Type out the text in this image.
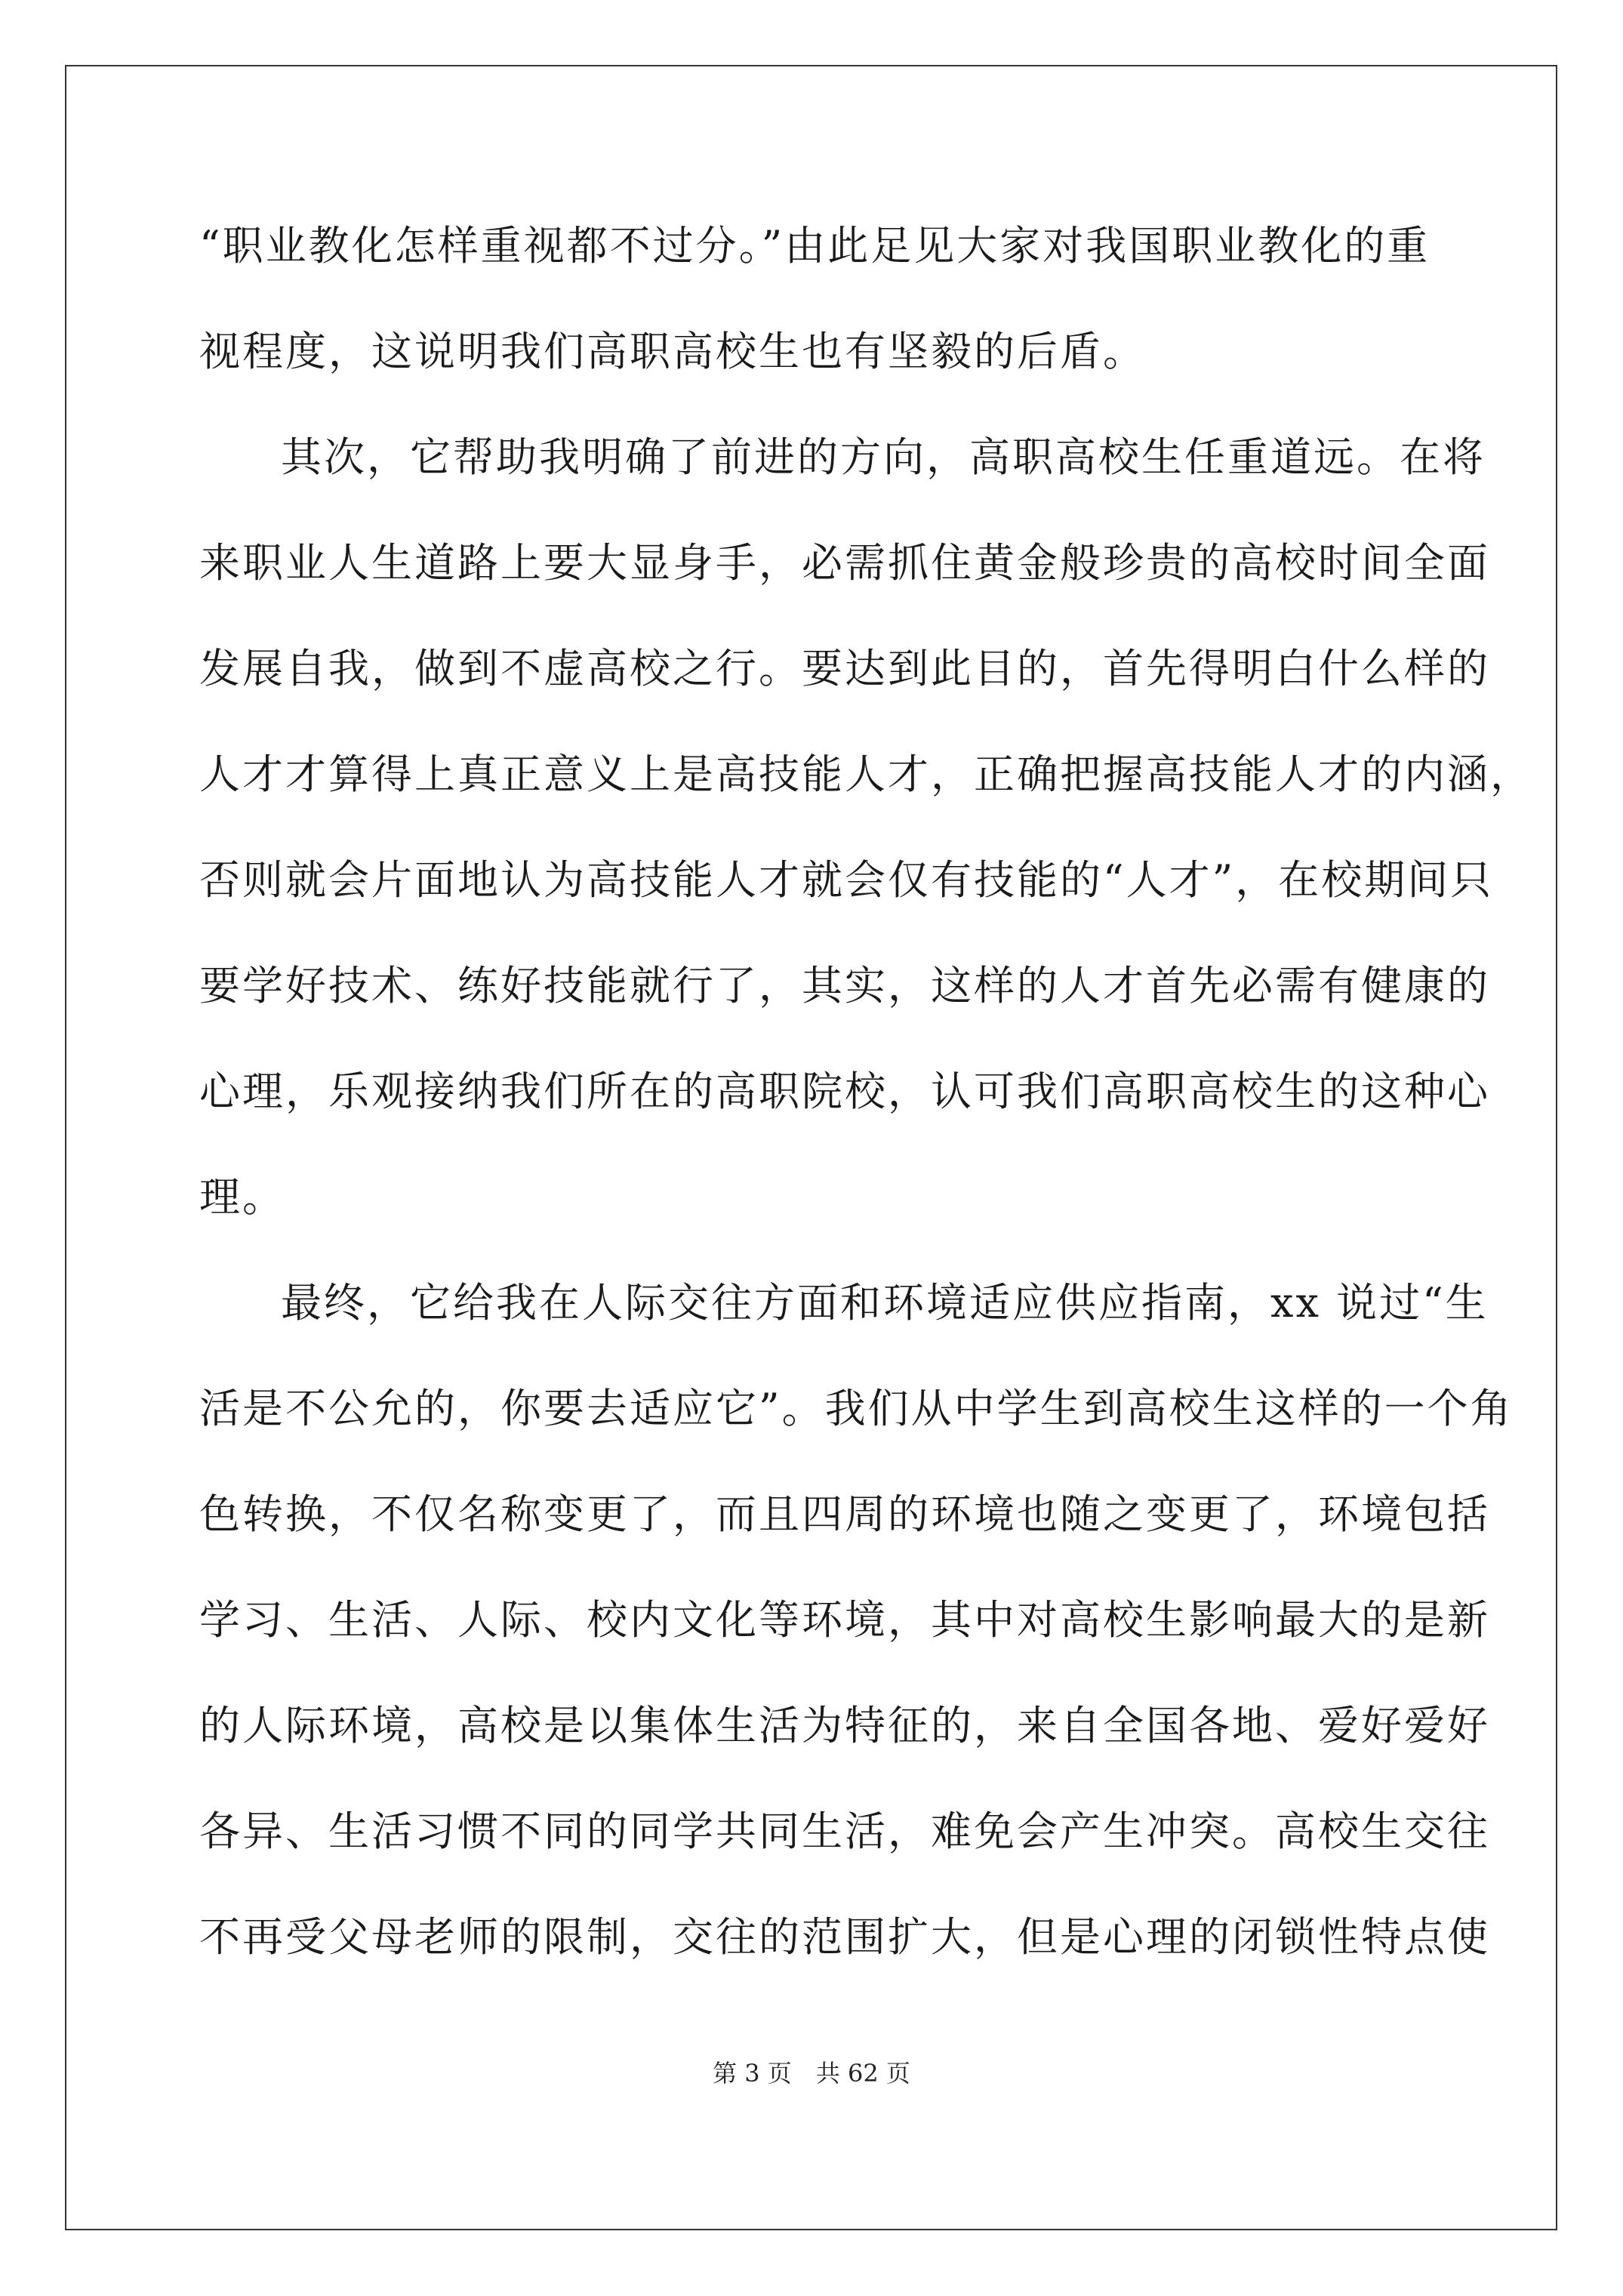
“职业教化怎样重视都不过分。”由此足见大家对我国职业教化的重
视程度，这说明我们高职高校生也有坚毅的后盾。
其次，它帮助我明确了前进的方向，高职高校生任重道远。在将
来职业人生道路上要大显身手，必需抓住黄金般珍贵的高校时间全面
发展自我，做到不虚高校之行。要达到此目的，首先得明白什么样的
人才才算得上真正意义上是高技能人才，正确把握高技能人才的内涵，
否则就会片面地认为高技能人才就会仅有技能的“人才”，在校期间只
要学好技术、练好技能就行了，其实，这样的人才首先必需有健康的
心理，乐观接纳我们所在的高职院校，认可我们高职高校生的这种心
理。
最终，它给我在人际交往方面和环境适应供应指南，xx 说过“生
活是不公允的，你要去适应它”。我们从中学生到高校生这样的一个角
色转换，不仅名称变更了，而且四周的环境也随之变更了，环境包括
学习、生活、人际、校内文化等环境，其中对高校生影响最大的是新
的人际环境，高校是以集体生活为特征的，来自全国各地、爱好爱好
各异、生活习惯不同的同学共同生活，难免会产生冲突。高校生交往
不再受父母老师的限制，交往的范围扩大，但是心理的闭锁性特点使
第 3 页 共 62 页
